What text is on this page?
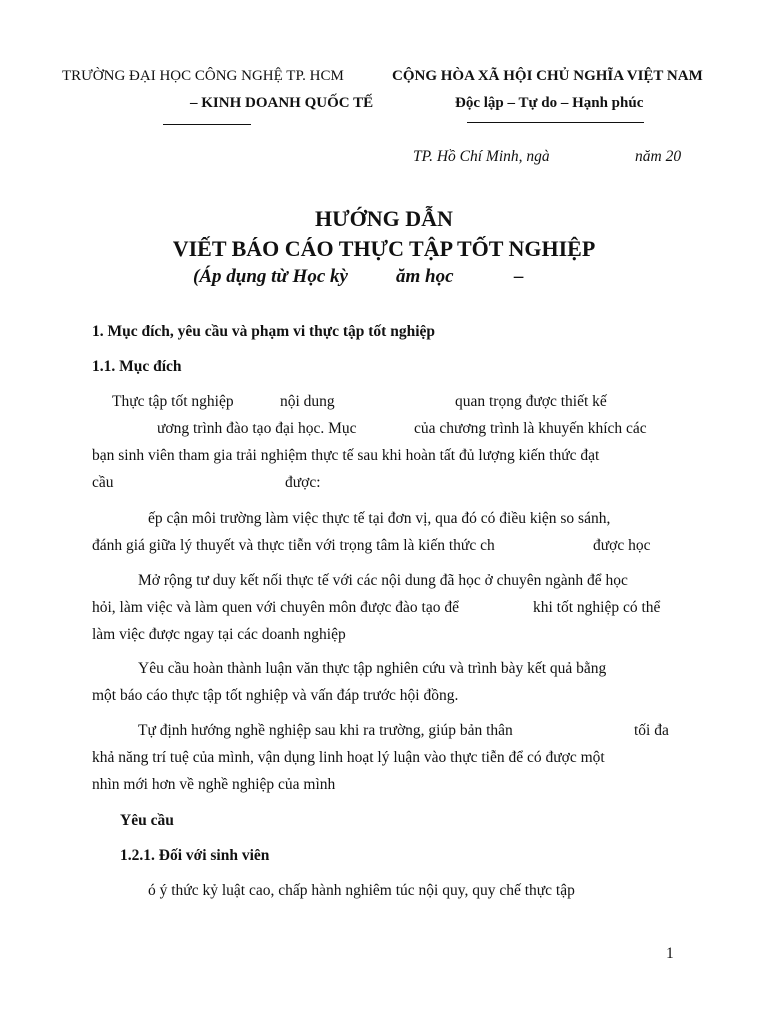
TRƯỜNG ĐẠI HỌC CÔNG NGHỆ TP. HCM
– KINH DOANH QUỐC TẾ
CỘNG HÒA XÃ HỘI CHỦ NGHĨA VIỆT NAM
Độc lập – Tự do – Hạnh phúc
TP. Hồ Chí Minh, ngà	năm 20
HƯỚNG DẪN
VIẾT BÁO CÁO THỰC TẬP TỐT NGHIỆP
(Áp dụng từ Học kỳ	ăm học	–
1. Mục đích, yêu cầu và phạm vi thực tập tốt nghiệp
1.1. Mục đích
Thực tập tốt nghiệp	nội dung	quan trọng được thiết kế
ương trình đào tạo đại học. Mục	của chương trình là khuyến khích các
bạn sinh viên tham gia trải nghiệm thực tế sau khi hoàn tất đủ lượng kiến thức đạt
cầu	được:
ếp cận môi trường làm việc thực tế tại đơn vị, qua đó có điều kiện so sánh,
đánh giá giữa lý thuyết và thực tiễn với trọng tâm là kiến thức ch	được học
Mở rộng tư duy kết nối thực tế với các nội dung đã học ở chuyên ngành để học
hỏi, làm việc và làm quen với chuyên môn được đào tạo để	khi tốt nghiệp có thể
làm việc được ngay tại các doanh nghiệp
Yêu cầu hoàn thành luận văn thực tập nghiên cứu và trình bày kết quả bằng
một báo cáo thực tập tốt nghiệp và vấn đáp trước hội đồng.
Tự định hướng nghề nghiệp sau khi ra trường, giúp bản thân	tối đa
khả năng trí tuệ của mình, vận dụng linh hoạt lý luận vào thực tiễn để có được một
nhìn mới hơn về nghề nghiệp của mình
Yêu cầu
1.2.1. Đối với sinh viên
ó ý thức kỷ luật cao, chấp hành nghiêm túc nội quy, quy chế thực tập
1
